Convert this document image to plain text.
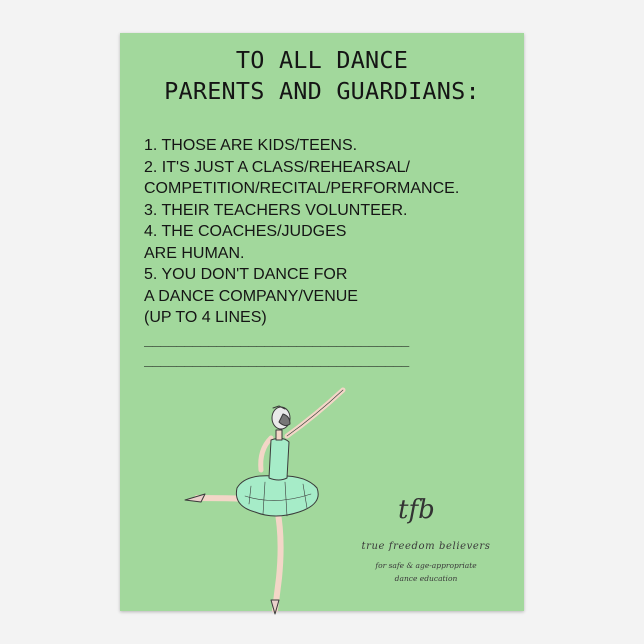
TO ALL DANCE
PARENTS AND GUARDIANS:
1. THOSE ARE KIDS/TEENS.
2. IT'S JUST A CLASS/REHEARSAL/
COMPETITION/RECITAL/PERFORMANCE.
3. THEIR TEACHERS VOLUNTEER.
4. THE COACHES/JUDGES
ARE HUMAN.
5. YOU DON'T DANCE FOR
A DANCE COMPANY/VENUE
(UP TO 4 LINES)
_________________________________
_________________________________
tfb
true freedom believers
for safe & age-appropriate
dance education
